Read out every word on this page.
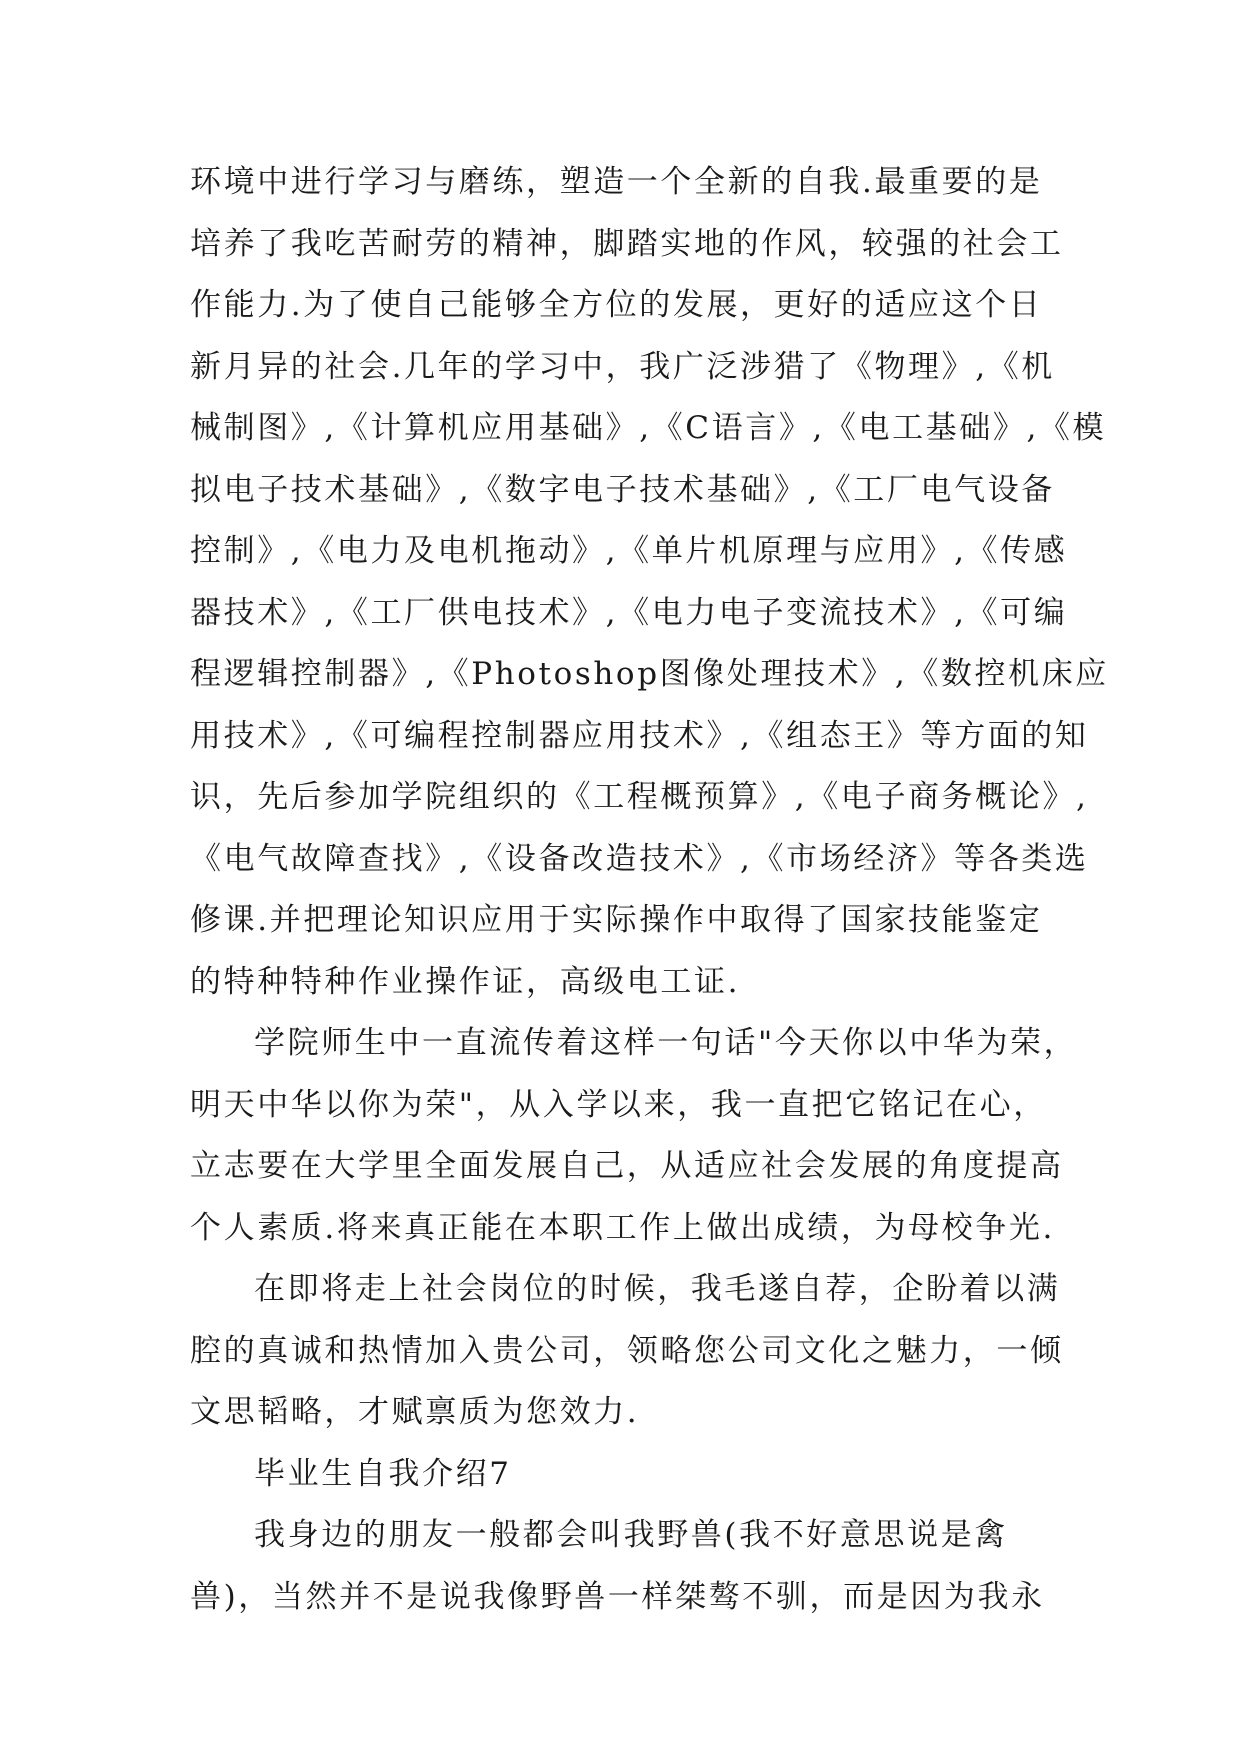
环境中进行学习与磨练，塑造一个全新的自我.最重要的是
培养了我吃苦耐劳的精神，脚踏实地的作风，较强的社会工
作能力.为了使自己能够全方位的发展，更好的适应这个日
新月异的社会.几年的学习中，我广泛涉猎了《物理》,《机
械制图》,《计算机应用基础》,《C语言》,《电工基础》,《模
拟电子技术基础》,《数字电子技术基础》,《工厂电气设备
控制》,《电力及电机拖动》,《单片机原理与应用》,《传感
器技术》,《工厂供电技术》,《电力电子变流技术》,《可编
程逻辑控制器》,《Photoshop图像处理技术》,《数控机床应
用技术》,《可编程控制器应用技术》,《组态王》等方面的知
识，先后参加学院组织的《工程概预算》,《电子商务概论》,
《电气故障查找》,《设备改造技术》,《市场经济》等各类选
修课.并把理论知识应用于实际操作中取得了国家技能鉴定
的特种特种作业操作证，高级电工证.
学院师生中一直流传着这样一句话"今天你以中华为荣，
明天中华以你为荣"，从入学以来，我一直把它铭记在心，
立志要在大学里全面发展自己，从适应社会发展的角度提高
个人素质.将来真正能在本职工作上做出成绩，为母校争光.
在即将走上社会岗位的时候，我毛遂自荐，企盼着以满
腔的真诚和热情加入贵公司，领略您公司文化之魅力，一倾
文思韬略，才赋禀质为您效力.
毕业生自我介绍7
我身边的朋友一般都会叫我野兽(我不好意思说是禽
兽)，当然并不是说我像野兽一样桀骜不驯，而是因为我永
